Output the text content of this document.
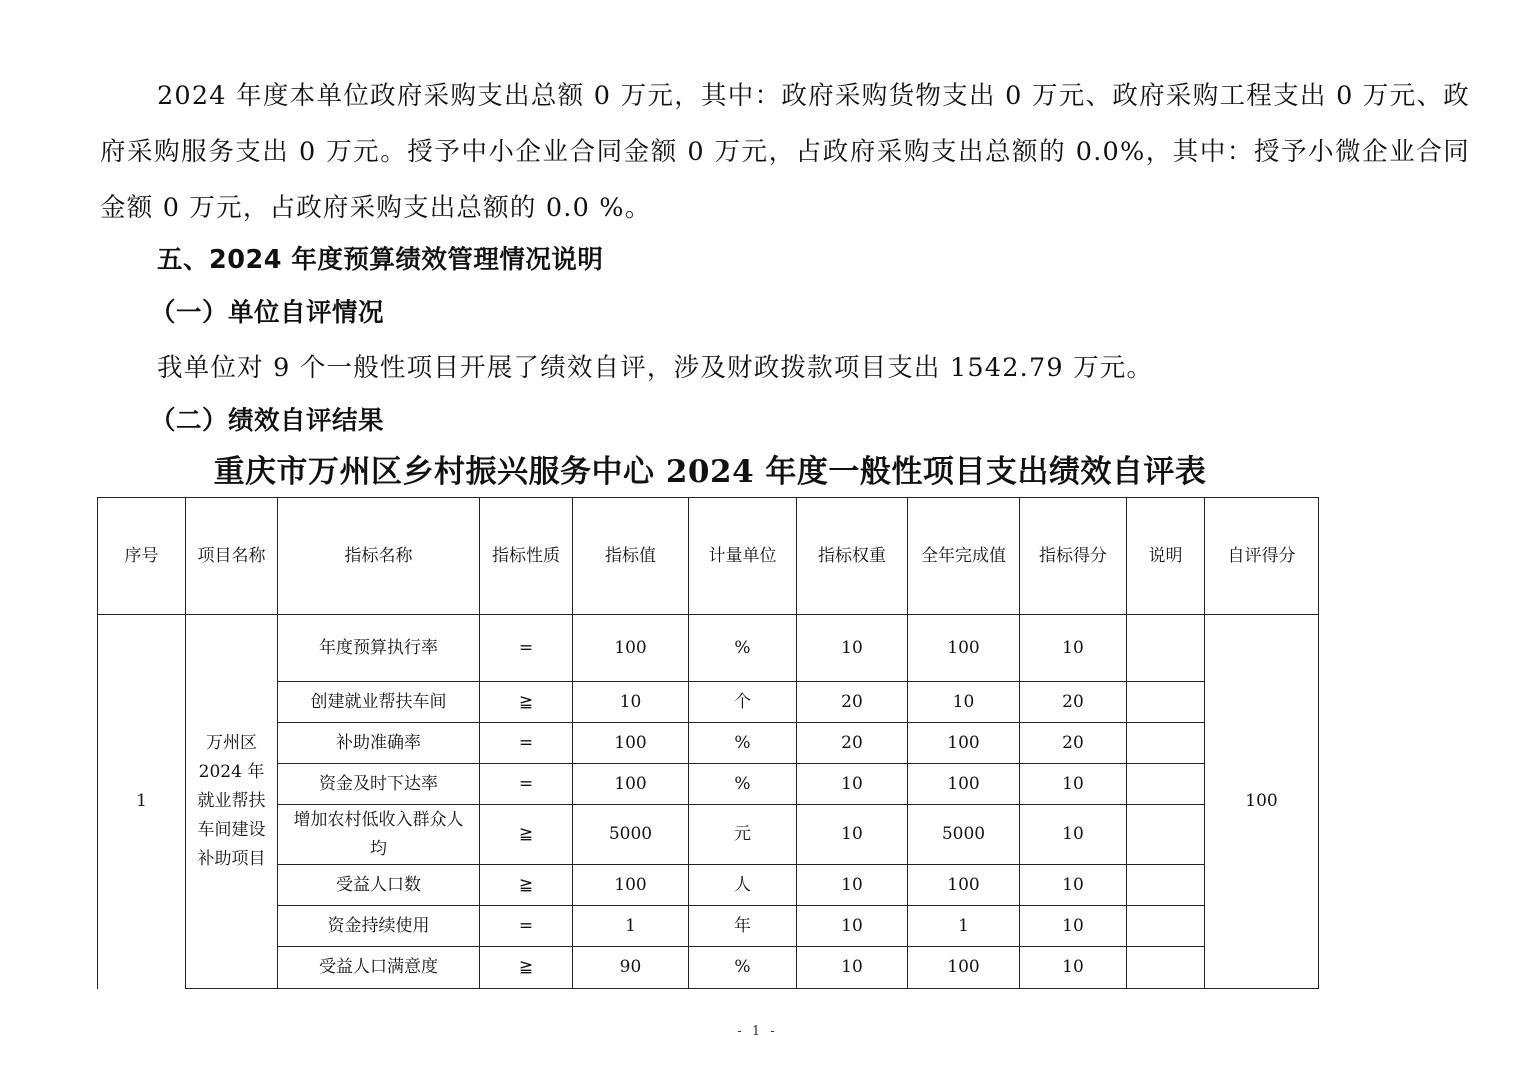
2024 年度本单位政府采购支出总额 0 万元，其中：政府采购货物支出 0 万元、政府采购工程支出 0 万元、政府采购服务支出 0 万元。授予中小企业合同金额 0 万元，占政府采购支出总额的 0.0%，其中：授予小微企业合同金额 0 万元，占政府采购支出总额的 0.0 %。

五、2024 年度预算绩效管理情况说明

（一）单位自评情况

我单位对 9 个一般性项目开展了绩效自评，涉及财政拨款项目支出 1542.79 万元。

（二）绩效自评结果

重庆市万州区乡村振兴服务中心 2024 年度一般性项目支出绩效自评表

序号	项目名称	指标名称	指标性质	指标值	计量单位	指标权重	全年完成值	指标得分	说明	自评得分
1	万州区 2024 年就业帮扶车间建设补助项目	年度预算执行率	=	100	%	10	100	10		100
		创建就业帮扶车间	≧	10	个	20	10	20		
		补助准确率	=	100	%	20	100	20		
		资金及时下达率	=	100	%	10	100	10		
		增加农村低收入群众人均	≧	5000	元	10	5000	10		
		受益人口数	≧	100	人	10	100	10		
		资金持续使用	=	1	年	10	1	10		
		受益人口满意度	≧	90	%	10	100	10		
- 1 -
